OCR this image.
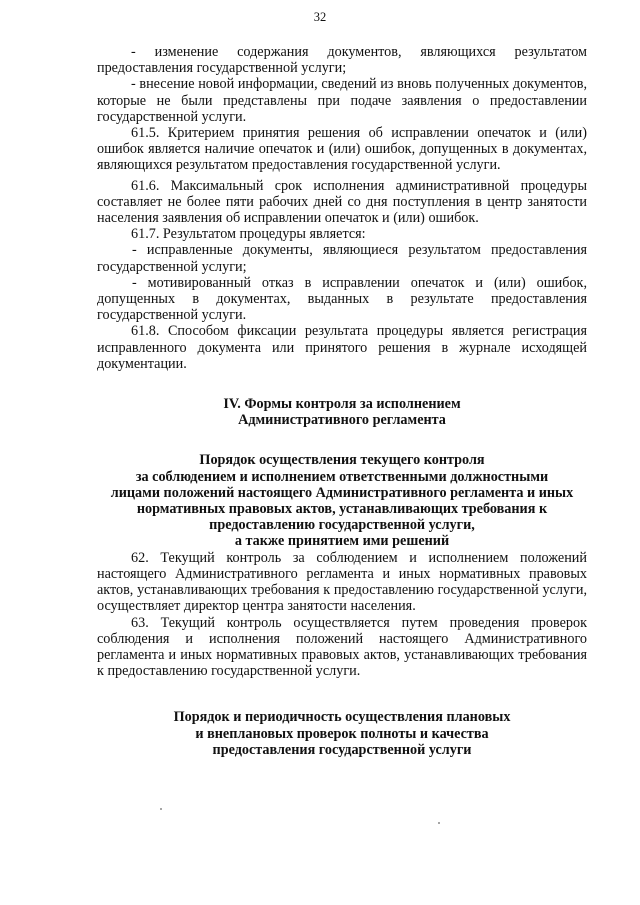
32

- изменение содержания документов, являющихся результатом предоставления государственной услуги;

- внесение новой информации, сведений из вновь полученных документов, которые не были представлены при подаче заявления о предоставлении государственной услуги.

61.5. Критерием принятия решения об исправлении опечаток и (или) ошибок является наличие опечаток и (или) ошибок, допущенных в документах, являющихся результатом предоставления государственной услуги.

61.6. Максимальный срок исполнения административной процедуры составляет не более пяти рабочих дней со дня поступления в центр занятости населения заявления об исправлении опечаток и (или) ошибок.

61.7. Результатом процедуры является:

- исправленные документы, являющиеся результатом предоставления государственной услуги;

- мотивированный отказ в исправлении опечаток и (или) ошибок, допущенных в документах, выданных в результате предоставления государственной услуги.

61.8. Способом фиксации результата процедуры является регистрация исправленного документа или принятого решения в журнале исходящей документации.

IV. Формы контроля за исполнением
Административного регламента
Порядок осуществления текущего контроля
за соблюдением и исполнением ответственными должностными
лицами положений настоящего Административного регламента и иных
нормативных правовых актов, устанавливающих требования к
предоставлению государственной услуги,
а также принятием ими решений

62. Текущий контроль за соблюдением и исполнением положений настоящего Административного регламента и иных нормативных правовых актов, устанавливающих требования к предоставлению государственной услуги, осуществляет директор центра занятости населения.

63. Текущий контроль осуществляется путем проведения проверок соблюдения и исполнения положений настоящего Административного регламента и иных нормативных правовых актов, устанавливающих требования к предоставлению государственной услуги.

Порядок и периодичность осуществления плановых
и внеплановых проверок полноты и качества
предоставления государственной услуги
